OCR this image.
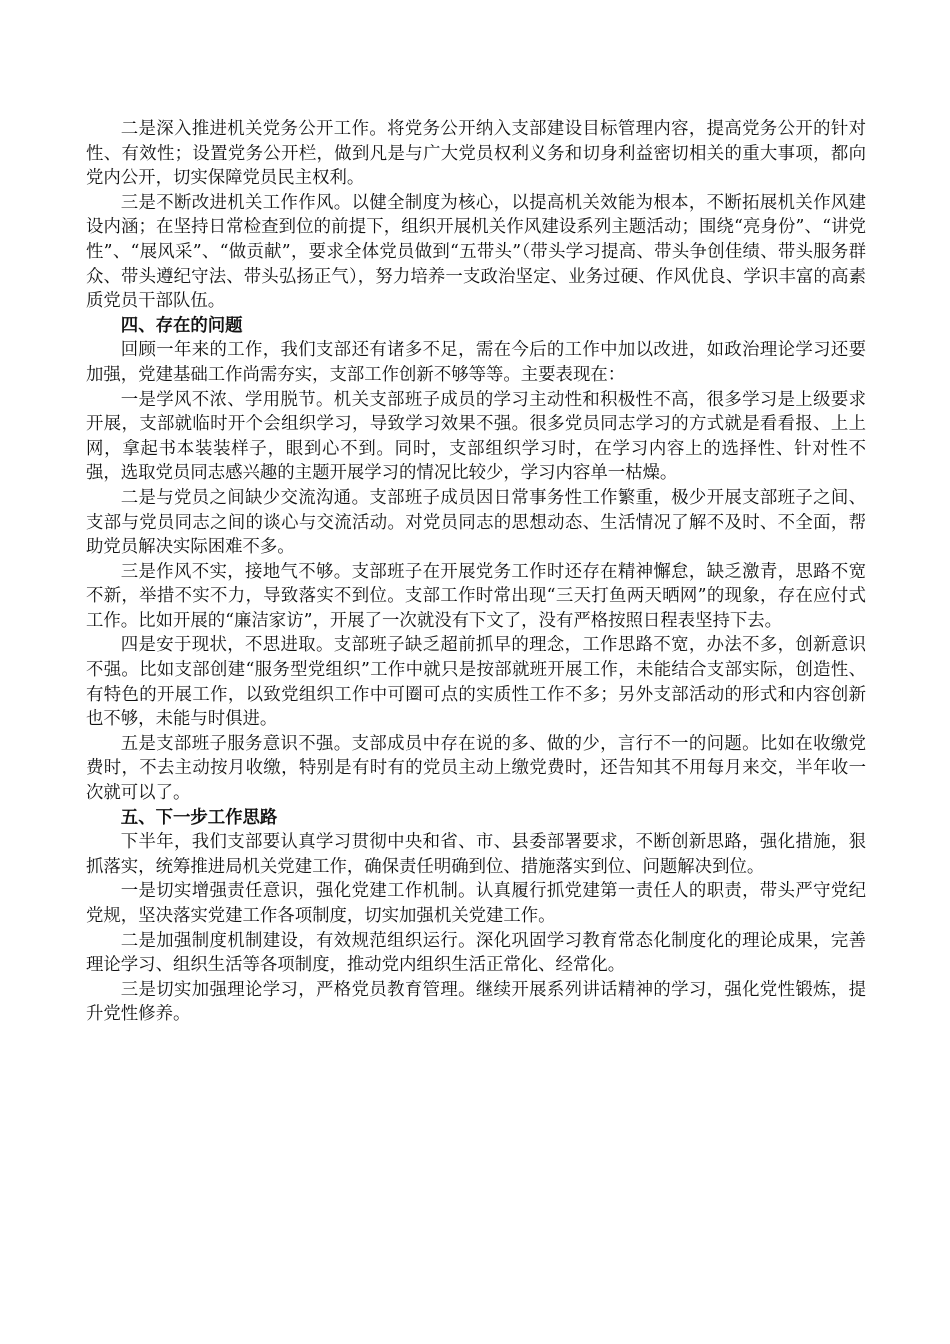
二是深入推进机关党务公开工作。将党务公开纳入支部建设目标管理内容，提高党务公开的针对性、有效性；设置党务公开栏，做到凡是与广大党员权利义务和切身利益密切相关的重大事项，都向党内公开，切实保障党员民主权利。

三是不断改进机关工作作风。以健全制度为核心，以提高机关效能为根本，不断拓展机关作风建设内涵；在坚持日常检查到位的前提下，组织开展机关作风建设系列主题活动；围绕“亮身份”、“讲党性”、“展风采”、“做贡献”，要求全体党员做到“五带头”（带头学习提高、带头争创佳绩、带头服务群众、带头遵纪守法、带头弘扬正气），努力培养一支政治坚定、业务过硬、作风优良、学识丰富的高素质党员干部队伍。

四、存在的问题

回顾一年来的工作，我们支部还有诸多不足，需在今后的工作中加以改进，如政治理论学习还要加强，党建基础工作尚需夯实，支部工作创新不够等等。主要表现在：

一是学风不浓、学用脱节。机关支部班子成员的学习主动性和积极性不高，很多学习是上级要求开展，支部就临时开个会组织学习，导致学习效果不强。很多党员同志学习的方式就是看看报、上上网，拿起书本装装样子，眼到心不到。同时，支部组织学习时，在学习内容上的选择性、针对性不强，选取党员同志感兴趣的主题开展学习的情况比较少，学习内容单一枯燥。

二是与党员之间缺少交流沟通。支部班子成员因日常事务性工作繁重，极少开展支部班子之间、支部与党员同志之间的谈心与交流活动。对党员同志的思想动态、生活情况了解不及时、不全面，帮助党员解决实际困难不多。

三是作风不实，接地气不够。支部班子在开展党务工作时还存在精神懈怠，缺乏激青，思路不宽不新，举措不实不力，导致落实不到位。支部工作时常出现“三天打鱼两天晒网”的现象，存在应付式工作。比如开展的“廉洁家访”，开展了一次就没有下文了，没有严格按照日程表坚持下去。

四是安于现状，不思进取。支部班子缺乏超前抓早的理念，工作思路不宽，办法不多，创新意识不强。比如支部创建“服务型党组织”工作中就只是按部就班开展工作，未能结合支部实际，创造性、有特色的开展工作，以致党组织工作中可圈可点的实质性工作不多；另外支部活动的形式和内容创新也不够，未能与时俱进。

五是支部班子服务意识不强。支部成员中存在说的多、做的少，言行不一的问题。比如在收缴党费时，不去主动按月收缴，特别是有时有的党员主动上缴党费时，还告知其不用每月来交，半年收一次就可以了。

五、下一步工作思路

下半年，我们支部要认真学习贯彻中央和省、市、县委部署要求，不断创新思路，强化措施，狠抓落实，统筹推进局机关党建工作，确保责任明确到位、措施落实到位、问题解决到位。

一是切实增强责任意识，强化党建工作机制。认真履行抓党建第一责任人的职责，带头严守党纪党规，坚决落实党建工作各项制度，切实加强机关党建工作。

二是加强制度机制建设，有效规范组织运行。深化巩固学习教育常态化制度化的理论成果，完善理论学习、组织生活等各项制度，推动党内组织生活正常化、经常化。

三是切实加强理论学习，严格党员教育管理。继续开展系列讲话精神的学习，强化党性锻炼，提升党性修养。
